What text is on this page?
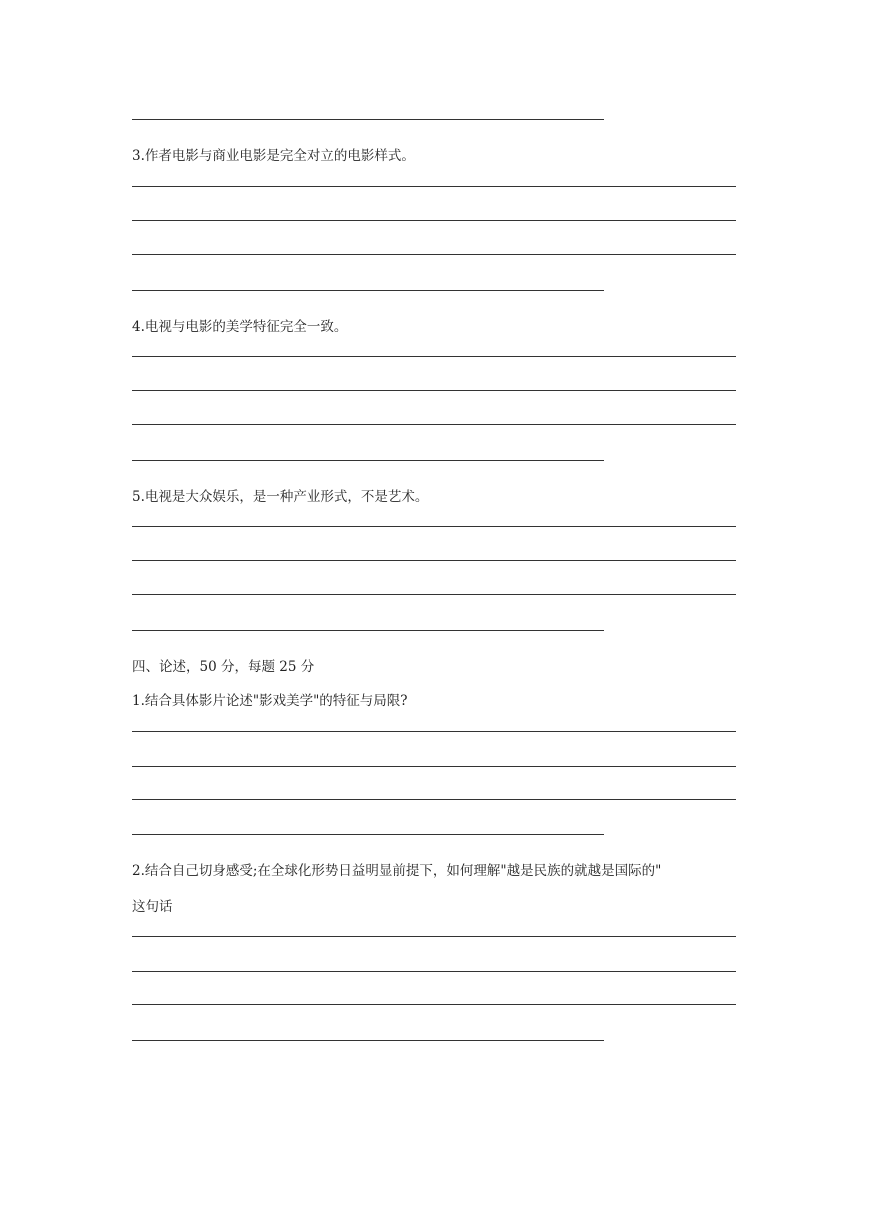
3.作者电影与商业电影是完全对立的电影样式。
4.电视与电影的美学特征完全一致。
5.电视是大众娱乐，是一种产业形式，不是艺术。
四、论述，50 分，每题 25 分
1.结合具体影片论述"影戏美学"的特征与局限?
2.结合自己切身感受;在全球化形势日益明显前提下，如何理解"越是民族的就越是国际的"
这句话
